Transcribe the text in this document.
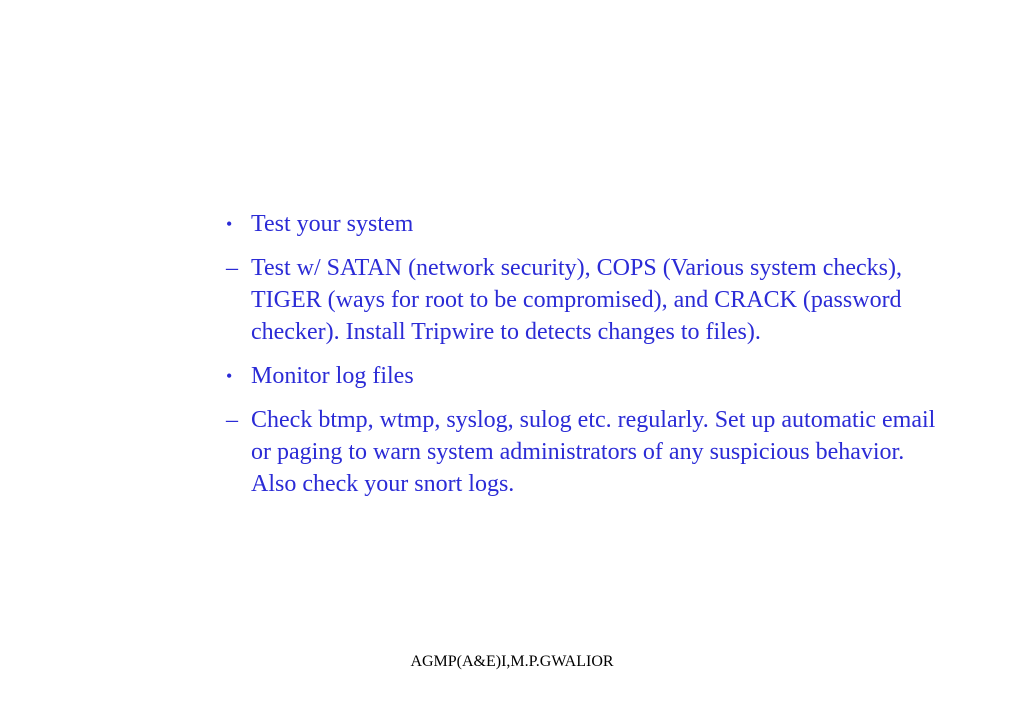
• Test your system
– Test w/ SATAN (network security), COPS (Various system checks), TIGER (ways for root to be compromised), and CRACK (password checker). Install Tripwire to detects changes to files).
• Monitor log files
– Check btmp, wtmp, syslog, sulog etc. regularly. Set up automatic email or paging to warn system administrators of any suspicious behavior. Also check your snort logs.
AGMP(A&E)I,M.P.GWALIOR
